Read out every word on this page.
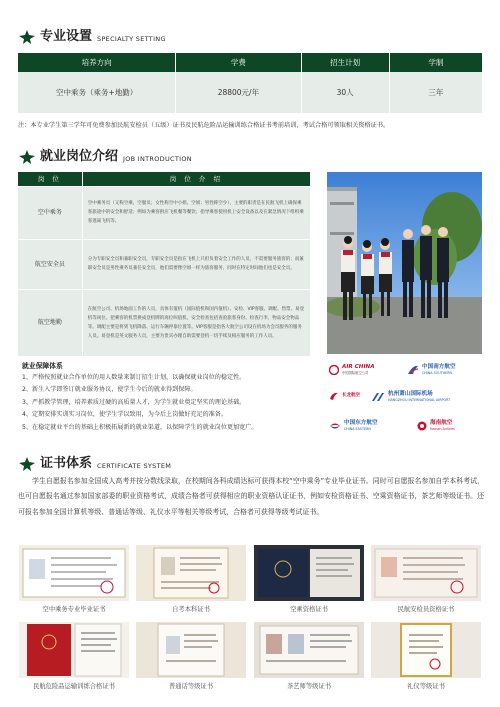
专业设置 SPECIALTY SETTING
培养方向	学费	招生计划	学制
空中乘务（乘务+地勤）	28800元/年	30人	三年
注：本专业学生第三学年可免费参加民航安检员（五级）证书及民航危险品运输训练合格证书考前培训，考试合格可领取相关资格证书。
就业岗位介绍 JOB INTRODUCTION
岗 位	岗 位 介 绍
空中乘务	空中乘务员（又称空乘、空服员；女性称空中小姐、空姐；男性称空少），主要的职责是在民航飞机上确保乘客旅途中的安全和舒适；例如为乘客供应飞机餐等餐饮；指导乘客使用机上安全设备以及在紧急情况下组织乘客逃离飞机等。
航空安全员	分为专职安全员和兼职安全员，专职安全员是指在飞机上只担负着安全工作的人员，不需要服务旅客的；而兼职安全员是男性乘务员兼任安全员，他们需要像空姐一样为旅客服务，同时在特定时间他们也是安全员。
航空地勤	在航空公司、机场地面工作的人员，具体有值机（国际值机和国内值机）、安检、VIP客服、调配、售票、易登机等岗位。把乘客的机票换成登机牌的岗位叫值机，安全检查包括查验旅客身份、检查行李，物品安全物品等。调配主要是将到飞机降落、运行车辆停靠位置等。VIP客服是指各大航空公司设在机场为会员服务的服务人员。易登机是英文服务人员，主要为贵宾办理自助需要登机一切手续及相应服务的工作人员。
就业保障体系
1、严格按照就业合作单位的用人数量来制订招生计划，以确保就业岗位的稳定性。
2、新生入学即签订就业服务协议，使学生今后的就业得到保障。
3、严抓教学管理，培养素质过硬的高质量人才，为学生就业奠定坚实的理论基础。
4、定期安排实训实习岗位，使学生学以致用，为今后上岗做好充足的准备。
5、在稳定就业平台的基础上积极拓展新的就业渠道，以保障学生的就业岗位更加宽广。
AIR CHINA
中国国际航空公司
中国南方航空
CHINA SOUTHERN
长龙航空	杭州萧山国际机场
HANGZHOU INTERNATIONAL AIRPORT
中国东方航空
CHINA EASTERN
海南航空
Hainan Airlines
证书体系 CERTIFICATE SYSTEM

学生自愿报名参加全国成人高考并按分数线录取，在校期间各科成绩达标可获得本校“空中乘务”专业毕业证书。同时可自愿报名参加自学本科考试，也可自愿报名通过参加国家部委的职业资格考试，成绩合格者可获得相应的职业资格认证证书，例如安检资格证书、空乘资格证书，茶艺师等级证书。还可报名参加全国计算机等级、普通话等级、礼仪水平等相关等级考试，合格者可获得等级考试证书。

空中乘务专业毕业证书	自考本科证书	空乘资格证书	民航安检员资格证书
民航危险品运输训练合格证书	普通话等级证书	茶艺师等级证书	礼仪等级证书
